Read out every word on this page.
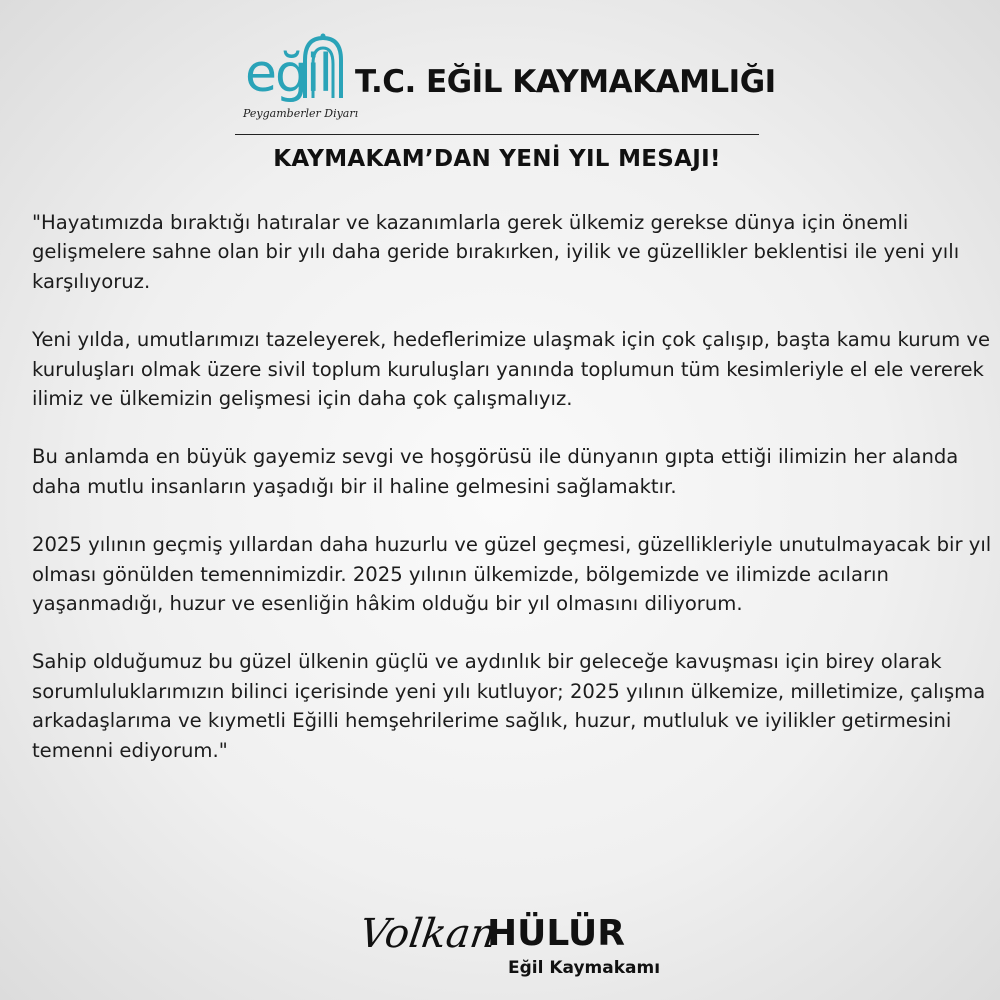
eğil
Peygamberler Diyarı
T.C. EĞİL KAYMAKAMLIĞI
KAYMAKAM’DAN YENİ YIL MESAJI!

"Hayatımızda bıraktığı hatıralar ve kazanımlarla gerek ülkemiz gerekse dünya için önemli gelişmelere sahne olan bir yılı daha geride bırakırken, iyilik ve güzellikler beklentisi ile yeni yılı karşılıyoruz.

Yeni yılda, umutlarımızı tazeleyerek, hedeflerimize ulaşmak için çok çalışıp, başta kamu kurum ve kuruluşları olmak üzere sivil toplum kuruluşları yanında toplumun tüm kesimleriyle el ele vererek ilimiz ve ülkemizin gelişmesi için daha çok çalışmalıyız.

Bu anlamda en büyük gayemiz sevgi ve hoşgörüsü ile dünyanın gıpta ettiği ilimizin her alanda daha mutlu insanların yaşadığı bir il haline gelmesini sağlamaktır.

2025 yılının geçmiş yıllardan daha huzurlu ve güzel geçmesi, güzellikleriyle unutulmayacak bir yıl olması gönülden temennimizdir. 2025 yılının ülkemizde, bölgemizde ve ilimizde acıların yaşanmadığı, huzur ve esenliğin hâkim olduğu bir yıl olmasını diliyorum.

Sahip olduğumuz bu güzel ülkenin güçlü ve aydınlık bir geleceğe kavuşması için birey olarak sorumluluklarımızın bilinci içerisinde yeni yılı kutluyor; 2025 yılının ülkemize, milletimize, çalışma arkadaşlarıma ve kıymetli Eğilli hemşehrilerime sağlık, huzur, mutluluk ve iyilikler getirmesini temenni ediyorum."

Volkan
HÜLÜR
Eğil Kaymakamı
